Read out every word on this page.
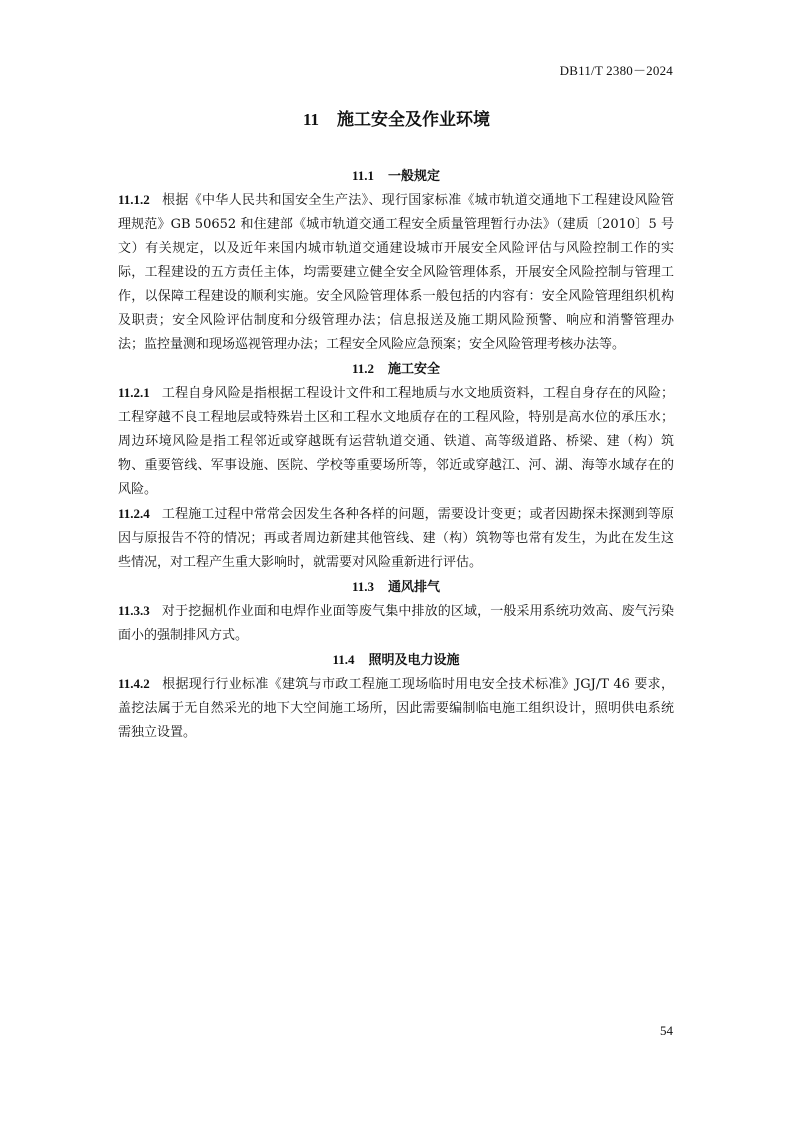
DB11/T 2380－2024
11 施工安全及作业环境
11.1 一般规定
11.1.2 根据《中华人民共和国安全生产法》、现行国家标准《城市轨道交通地下工程建设风险管理规范》GB 50652 和住建部《城市轨道交通工程安全质量管理暂行办法》（建质〔2010〕5 号文）有关规定，以及近年来国内城市轨道交通建设城市开展安全风险评估与风险控制工作的实际，工程建设的五方责任主体，均需要建立健全安全风险管理体系，开展安全风险控制与管理工作，以保障工程建设的顺利实施。安全风险管理体系一般包括的内容有：安全风险管理组织机构及职责；安全风险评估制度和分级管理办法；信息报送及施工期风险预警、响应和消警管理办法；监控量测和现场巡视管理办法；工程安全风险应急预案；安全风险管理考核办法等。
11.2 施工安全
11.2.1 工程自身风险是指根据工程设计文件和工程地质与水文地质资料，工程自身存在的风险；工程穿越不良工程地层或特殊岩土区和工程水文地质存在的工程风险，特别是高水位的承压水；周边环境风险是指工程邻近或穿越既有运营轨道交通、铁道、高等级道路、桥梁、建（构）筑物、重要管线、军事设施、医院、学校等重要场所等，邻近或穿越江、河、湖、海等水域存在的风险。
11.2.4 工程施工过程中常常会因发生各种各样的问题，需要设计变更；或者因勘探未探测到等原因与原报告不符的情况；再或者周边新建其他管线、建（构）筑物等也常有发生，为此在发生这些情况，对工程产生重大影响时，就需要对风险重新进行评估。
11.3 通风排气
11.3.3 对于挖掘机作业面和电焊作业面等废气集中排放的区域，一般采用系统功效高、废气污染面小的强制排风方式。
11.4 照明及电力设施
11.4.2 根据现行行业标准《建筑与市政工程施工现场临时用电安全技术标准》JGJ/T 46 要求，盖挖法属于无自然采光的地下大空间施工场所，因此需要编制临电施工组织设计，照明供电系统需独立设置。
54
